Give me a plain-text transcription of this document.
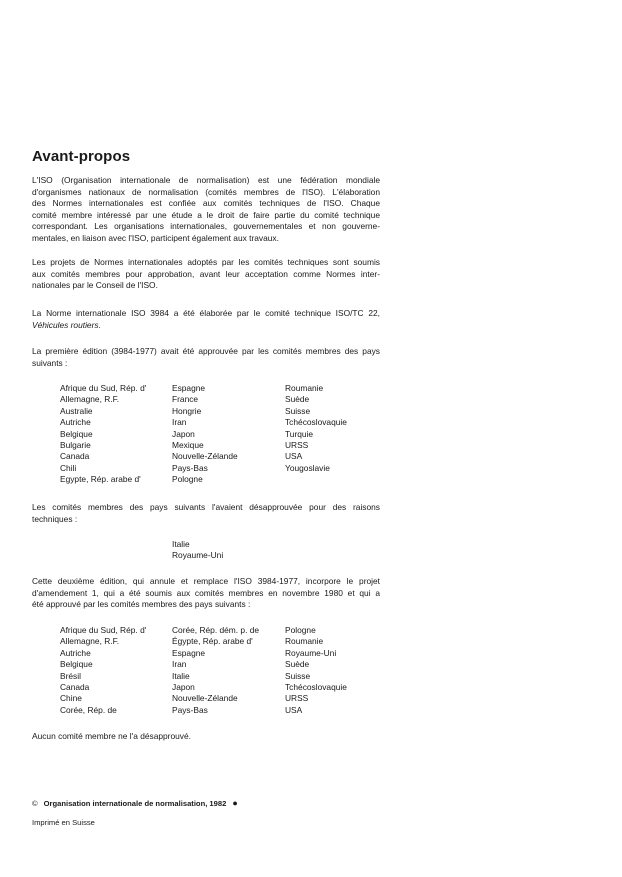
Avant-propos
L'ISO (Organisation internationale de normalisation) est une fédération mondiale
d'organismes nationaux de normalisation (comités membres de l'ISO). L'élaboration
des Normes internationales est confiée aux comités techniques de l'ISO. Chaque
comité membre intéressé par une étude a le droit de faire partie du comité technique
correspondant. Les organisations internationales, gouvernementales et non gouverne-
mentales, en liaison avec l'ISO, participent également aux travaux.
Les projets de Normes internationales adoptés par les comités techniques sont soumis
aux comités membres pour approbation, avant leur acceptation comme Normes inter-
nationales par le Conseil de l'ISO.
La Norme internationale ISO 3984 a été élaborée par le comité technique ISO/TC 22,
Véhicules routiers.
La première édition (3984-1977) avait été approuvée par les comités membres des pays
suivants :
Afrique du Sud, Rép. d'
Allemagne, R.F.
Australie
Autriche
Belgique
Bulgarie
Canada
Chili
Egypte, Rép. arabe d'
Espagne
France
Hongrie
Iran
Japon
Mexique
Nouvelle-Zélande
Pays-Bas
Pologne
Roumanie
Suède
Suisse
Tchécoslovaquie
Turquie
URSS
USA
Yougoslavie
Les comités membres des pays suivants l'avaient désapprouvée pour des raisons
techniques :
Italie
Royaume-Uni
Cette deuxième édition, qui annule et remplace l'ISO 3984-1977, incorpore le projet
d'amendement 1, qui a été soumis aux comités membres en novembre 1980 et qui a
été approuvé par les comités membres des pays suivants :
Afrique du Sud, Rép. d'
Allemagne, R.F.
Autriche
Belgique
Brésil
Canada
Chine
Corée, Rép. de
Corée, Rép. dém. p. de
Égypte, Rép. arabe d'
Espagne
Iran
Italie
Japon
Nouvelle-Zélande
Pays-Bas
Pologne
Roumanie
Royaume-Uni
Suède
Suisse
Tchécoslovaquie
URSS
USA
Aucun comité membre ne l'a désapprouvé.
© Organisation internationale de normalisation, 1982 ●
Imprimé en Suisse
